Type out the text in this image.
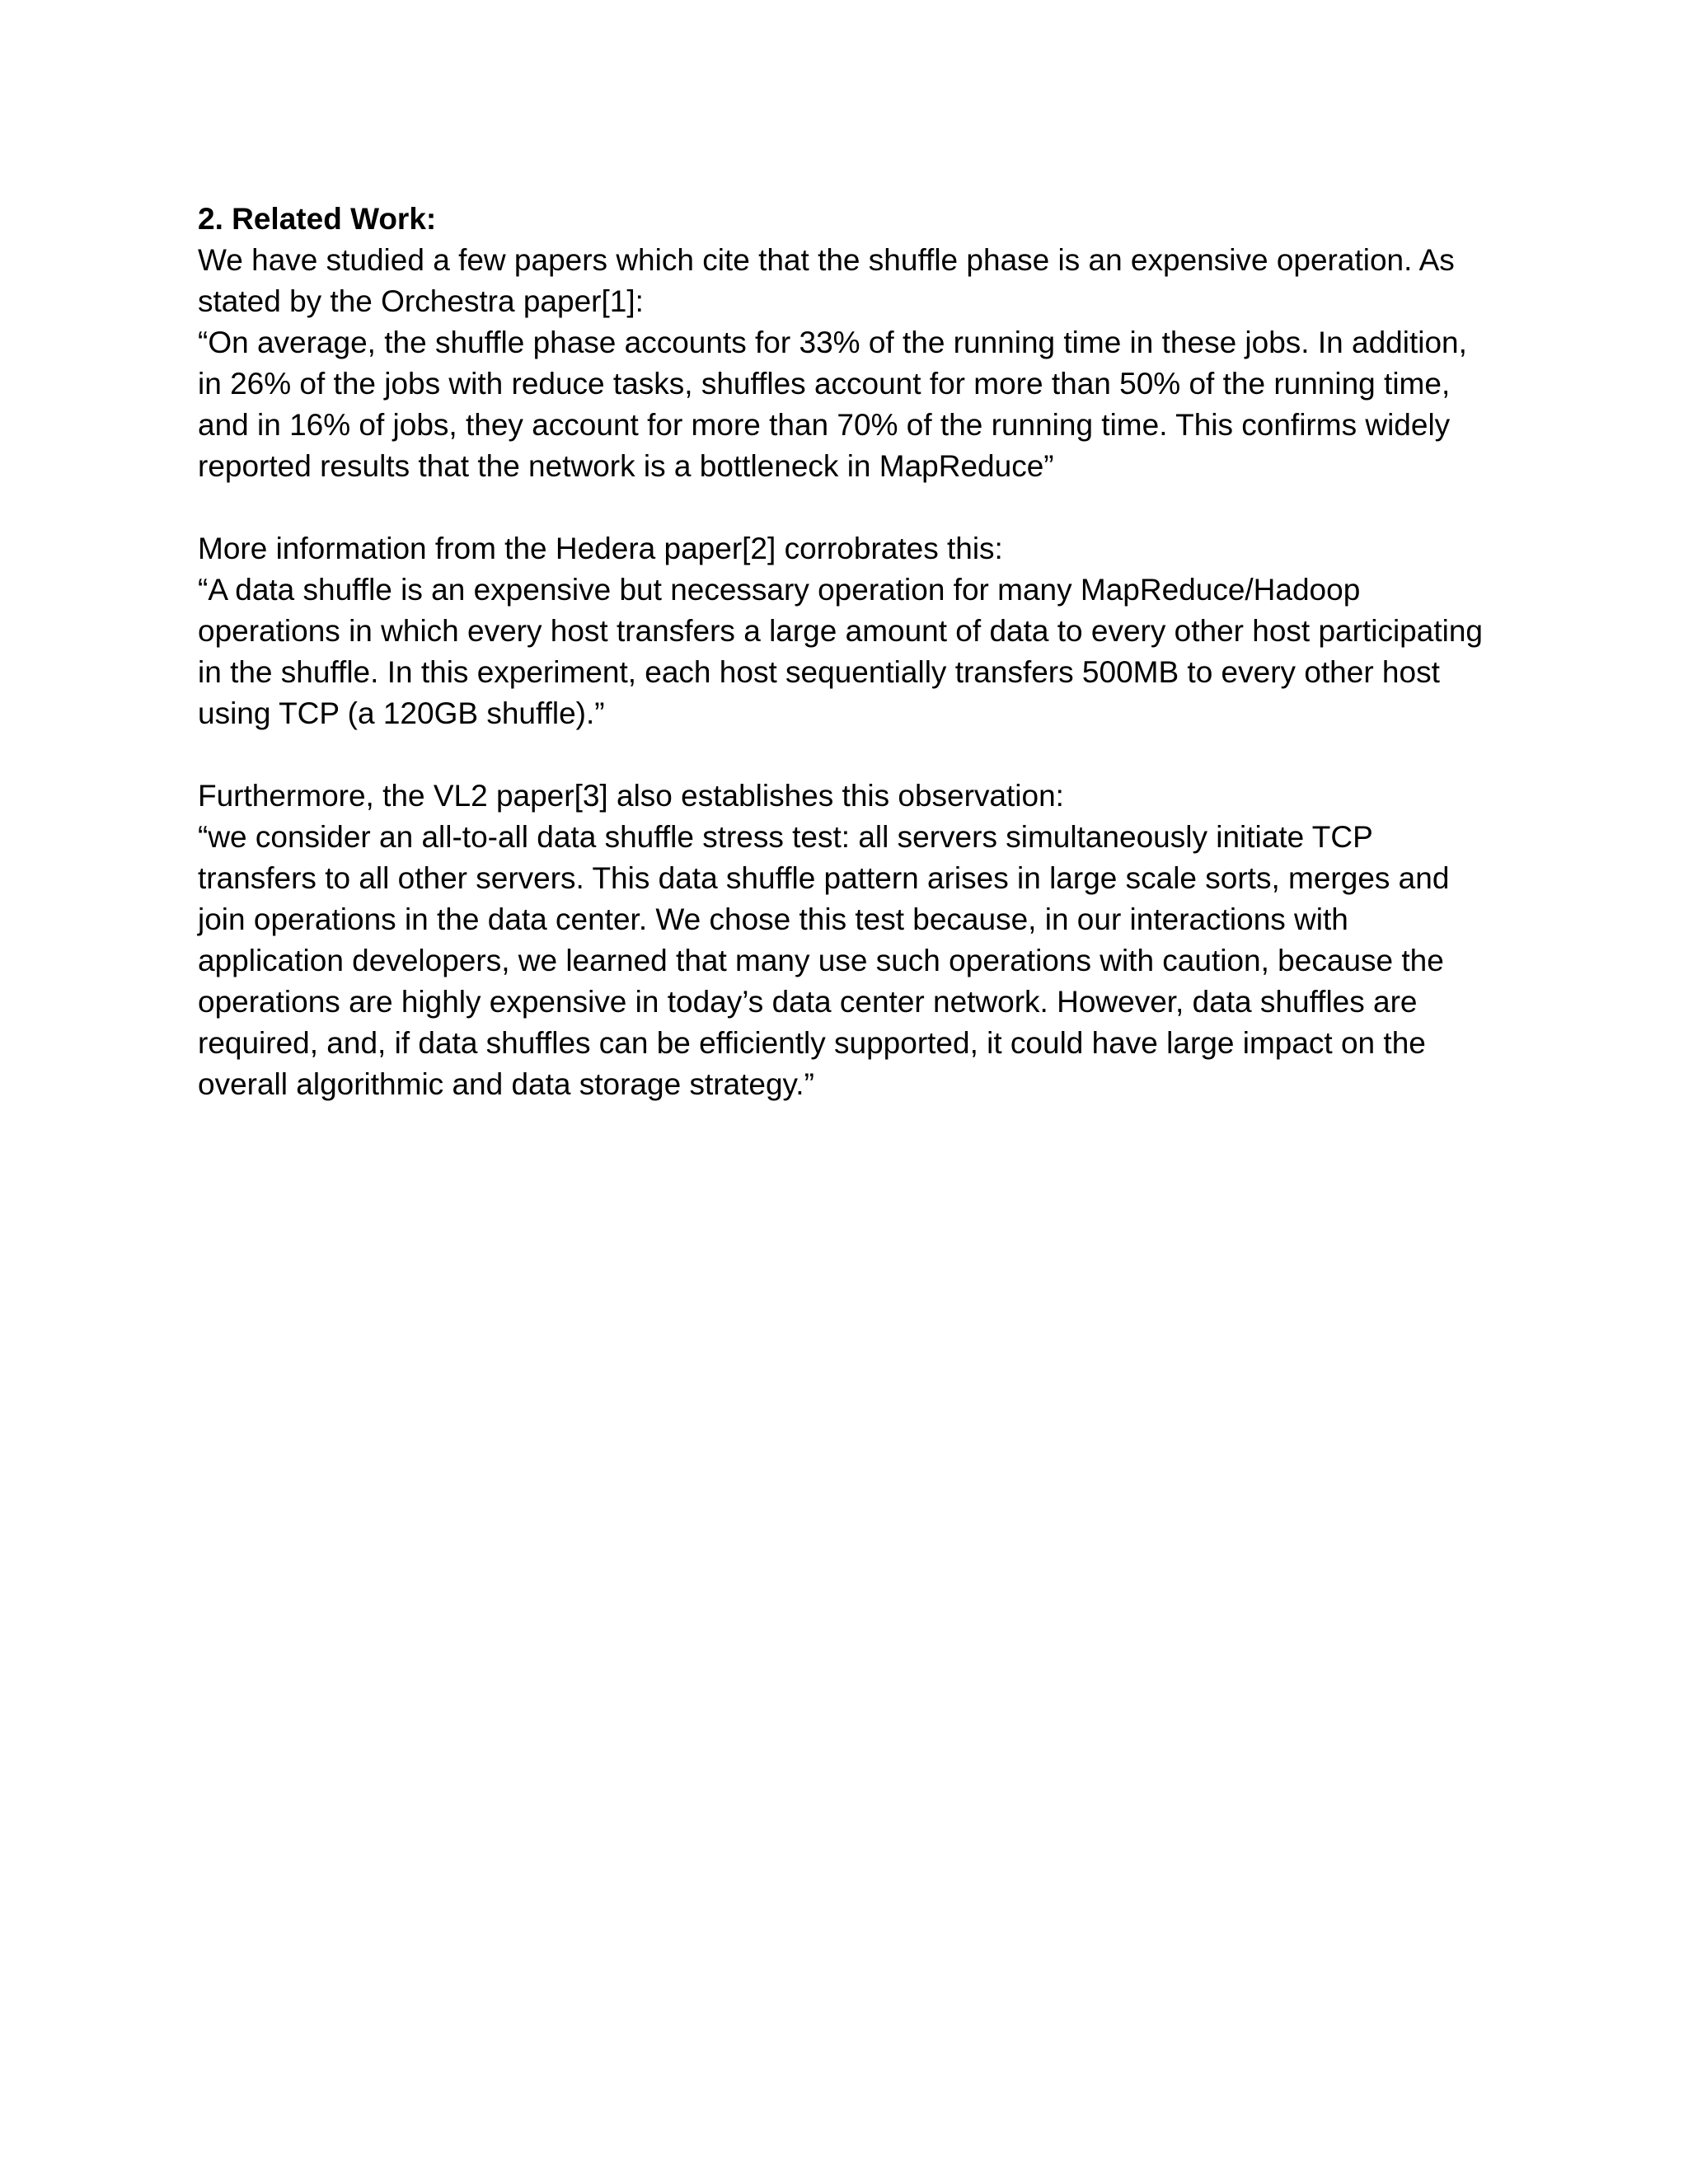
2. Related Work:

We have studied a few papers which cite that the shuffle phase is an expensive operation. As
stated by the Orchestra paper[1]:
“On average, the shuffle phase accounts for 33% of the running time in these jobs. In addition,
in 26% of the jobs with reduce tasks, shuffles account for more than 50% of the running time,
and in 16% of jobs, they account for more than 70% of the running time. This confirms widely
reported results that the network is a bottleneck in MapReduce”
More information from the Hedera paper[2] corrobrates this:
“A data shuffle is an expensive but necessary operation for many MapReduce/Hadoop
operations in which every host transfers a large amount of data to every other host participating
in the shuffle. In this experiment, each host sequentially transfers 500MB to every other host
using TCP (a 120GB shuffle).”
Furthermore, the VL2 paper[3] also establishes this observation:
“we consider an all-to-all data shuffle stress test: all servers simultaneously initiate TCP
transfers to all other servers. This data shuffle pattern arises in large scale sorts, merges and
join operations in the data center. We chose this test because, in our interactions with
application developers, we learned that many use such operations with caution, because the
operations are highly expensive in today’s data center network. However, data shuffles are
required, and, if data shuffles can be efficiently supported, it could have large impact on the
overall algorithmic and data storage strategy.”
